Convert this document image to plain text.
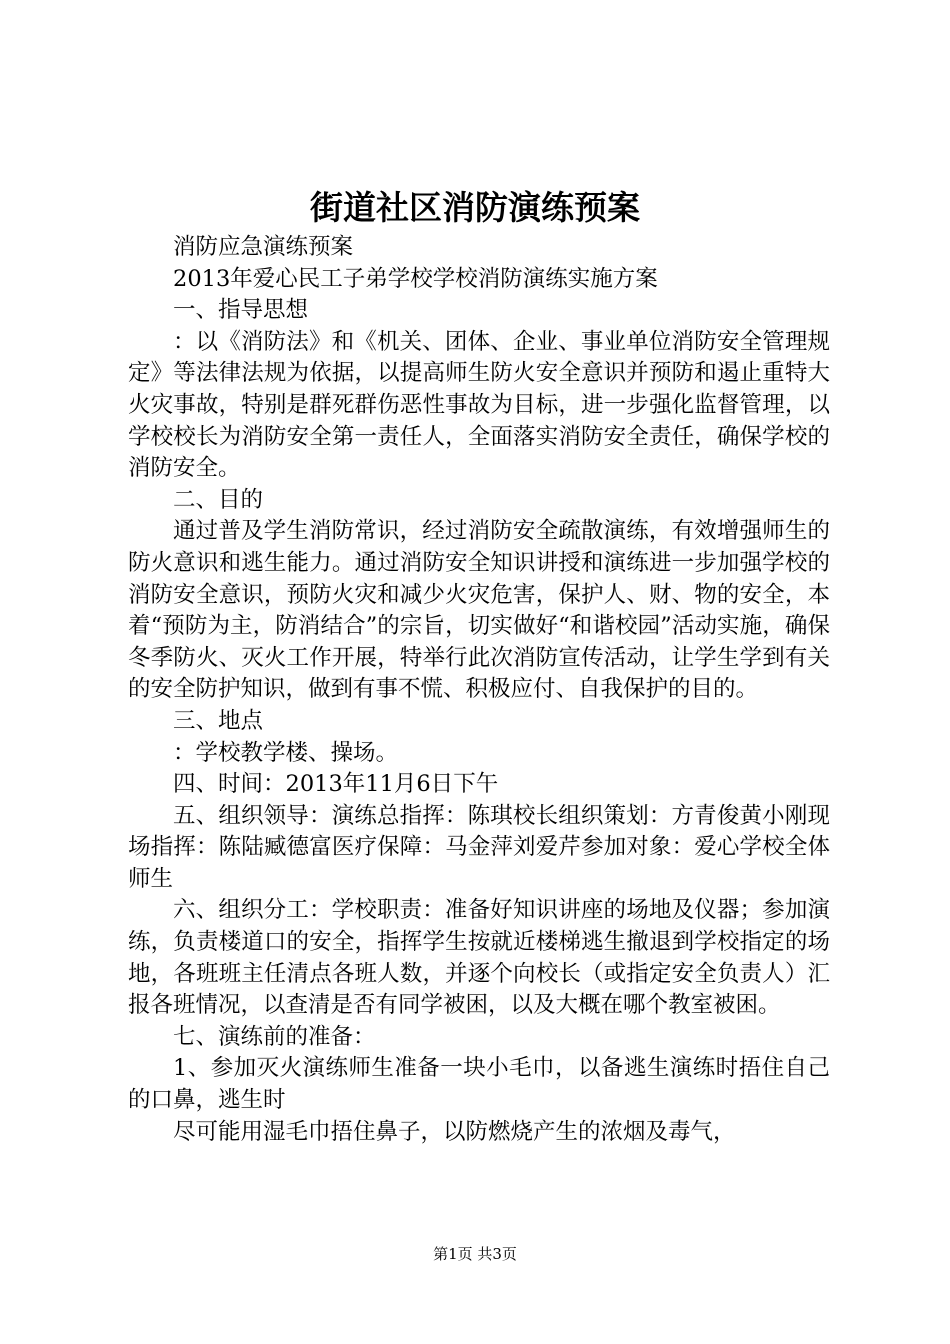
街道社区消防演练预案

消防应急演练预案

2013年爱心民工子弟学校学校消防演练实施方案

一、指导思想

：以《消防法》和《机关、团体、企业、事业单位消防安全管理规定》等法律法规为依据，以提高师生防火安全意识并预防和遏止重特大火灾事故，特别是群死群伤恶性事故为目标，进一步强化监督管理，以学校校长为消防安全第一责任人，全面落实消防安全责任，确保学校的消防安全。

二、目的

通过普及学生消防常识，经过消防安全疏散演练，有效增强师生的防火意识和逃生能力。通过消防安全知识讲授和演练进一步加强学校的消防安全意识，预防火灾和减少火灾危害，保护人、财、物的安全，本着“预防为主，防消结合”的宗旨，切实做好“和谐校园”活动实施，确保冬季防火、灭火工作开展，特举行此次消防宣传活动，让学生学到有关的安全防护知识，做到有事不慌、积极应付、自我保护的目的。

三、地点

：学校教学楼、操场。

四、时间：2013年11月6日下午

五、组织领导：演练总指挥：陈琪校长组织策划：方青俊黄小刚现场指挥：陈陆臧德富医疗保障：马金萍刘爱芹参加对象：爱心学校全体师生

六、组织分工：学校职责：准备好知识讲座的场地及仪器；参加演练，负责楼道口的安全，指挥学生按就近楼梯逃生撤退到学校指定的场地，各班班主任清点各班人数，并逐个向校长（或指定安全负责人）汇报各班情况，以查清是否有同学被困，以及大概在哪个教室被困。

七、演练前的准备：

1、参加灭火演练师生准备一块小毛巾，以备逃生演练时捂住自己的口鼻，逃生时

尽可能用湿毛巾捂住鼻子，以防燃烧产生的浓烟及毒气，

第1页 共3页
